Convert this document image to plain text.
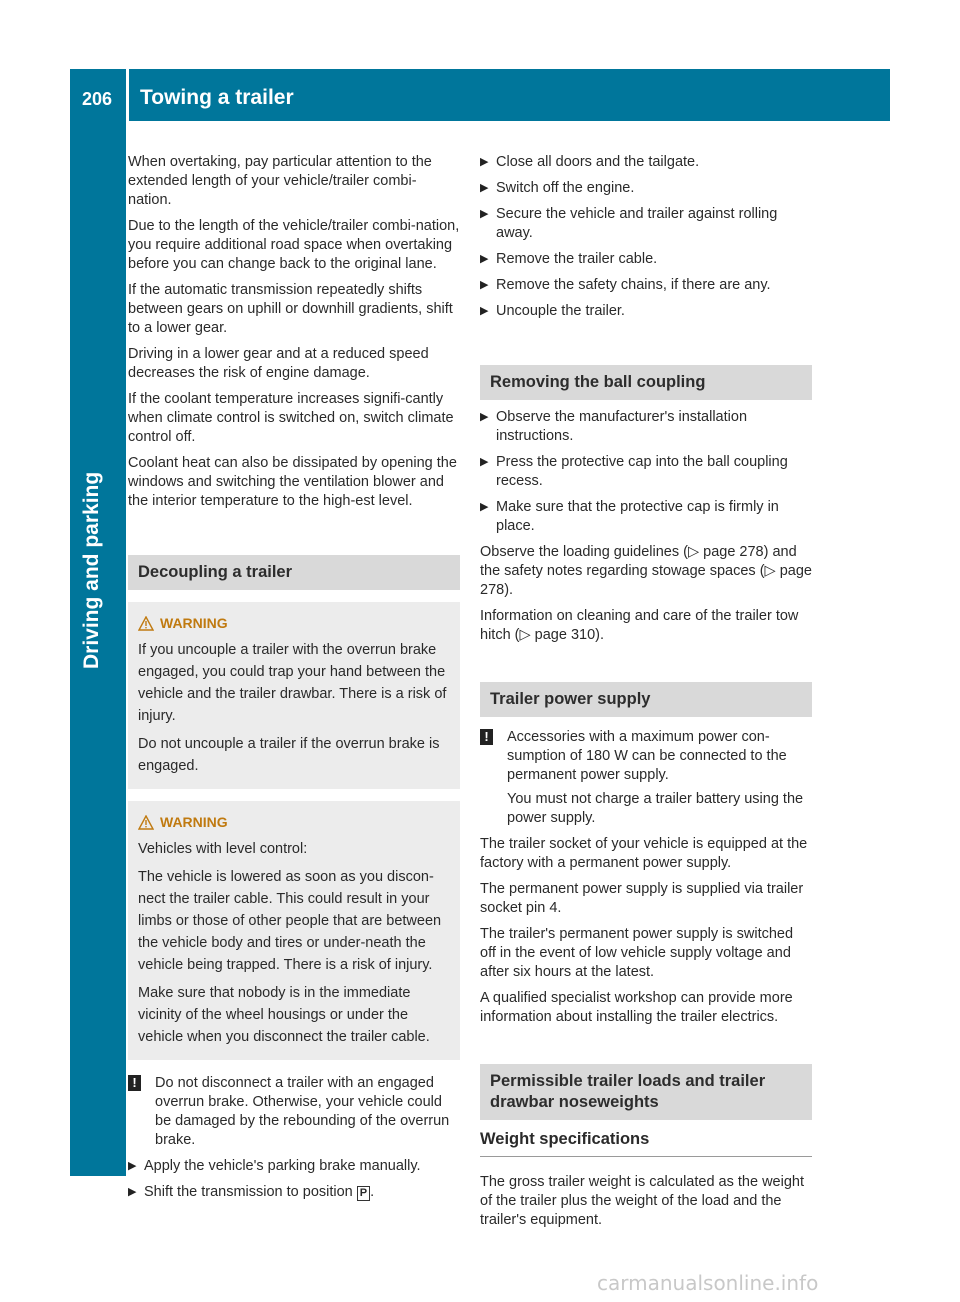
206 Towing a trailer
Driving and parking

When overtaking, pay particular attention to the extended length of your vehicle/trailer combi-nation.

Due to the length of the vehicle/trailer combi-nation, you require additional road space when overtaking before you can change back to the original lane.

If the automatic transmission repeatedly shifts between gears on uphill or downhill gradients, shift to a lower gear.

Driving in a lower gear and at a reduced speed decreases the risk of engine damage.

If the coolant temperature increases signifi-cantly when climate control is switched on, switch climate control off.

Coolant heat can also be dissipated by opening the windows and switching the ventilation blower and the interior temperature to the high-est level.

Decoupling a trailer
WARNING

If you uncouple a trailer with the overrun brake engaged, you could trap your hand between the vehicle and the trailer drawbar. There is a risk of injury.

Do not uncouple a trailer if the overrun brake is engaged.

WARNING

Vehicles with level control:

The vehicle is lowered as soon as you discon-nect the trailer cable. This could result in your limbs or those of other people that are between the vehicle body and tires or under-neath the vehicle being trapped. There is a risk of injury.

Make sure that nobody is in the immediate vicinity of the wheel housings or under the vehicle when you disconnect the trailer cable.

! Do not disconnect a trailer with an engaged overrun brake. Otherwise, your vehicle could be damaged by the rebounding of the overrun brake.
▶ Apply the vehicle's parking brake manually.
▶ Shift the transmission to position P .
▶ Close all doors and the tailgate.
▶ Switch off the engine.
▶ Secure the vehicle and trailer against rolling away.
▶ Remove the trailer cable.
▶ Remove the safety chains, if there are any.
▶ Uncouple the trailer.
Removing the ball coupling
▶ Observe the manufacturer's installation instructions.
▶ Press the protective cap into the ball coupling recess.
▶ Make sure that the protective cap is firmly in place.

Observe the loading guidelines (▷ page 278) and the safety notes regarding stowage spaces (▷ page 278).

Information on cleaning and care of the trailer tow hitch (▷ page 310).

Trailer power supply
! Accessories with a maximum power con-sumption of 180 W can be connected to the permanent power supply.
You must not charge a trailer battery using the power supply.

The trailer socket of your vehicle is equipped at the factory with a permanent power supply.

The permanent power supply is supplied via trailer socket pin 4.

The trailer's permanent power supply is switched off in the event of low vehicle supply voltage and after six hours at the latest.

A qualified specialist workshop can provide more information about installing the trailer electrics.

Permissible trailer loads and trailer drawbar noseweights
Weight specifications

The gross trailer weight is calculated as the weight of the trailer plus the weight of the load and the trailer's equipment.

carmanualsonline.info
